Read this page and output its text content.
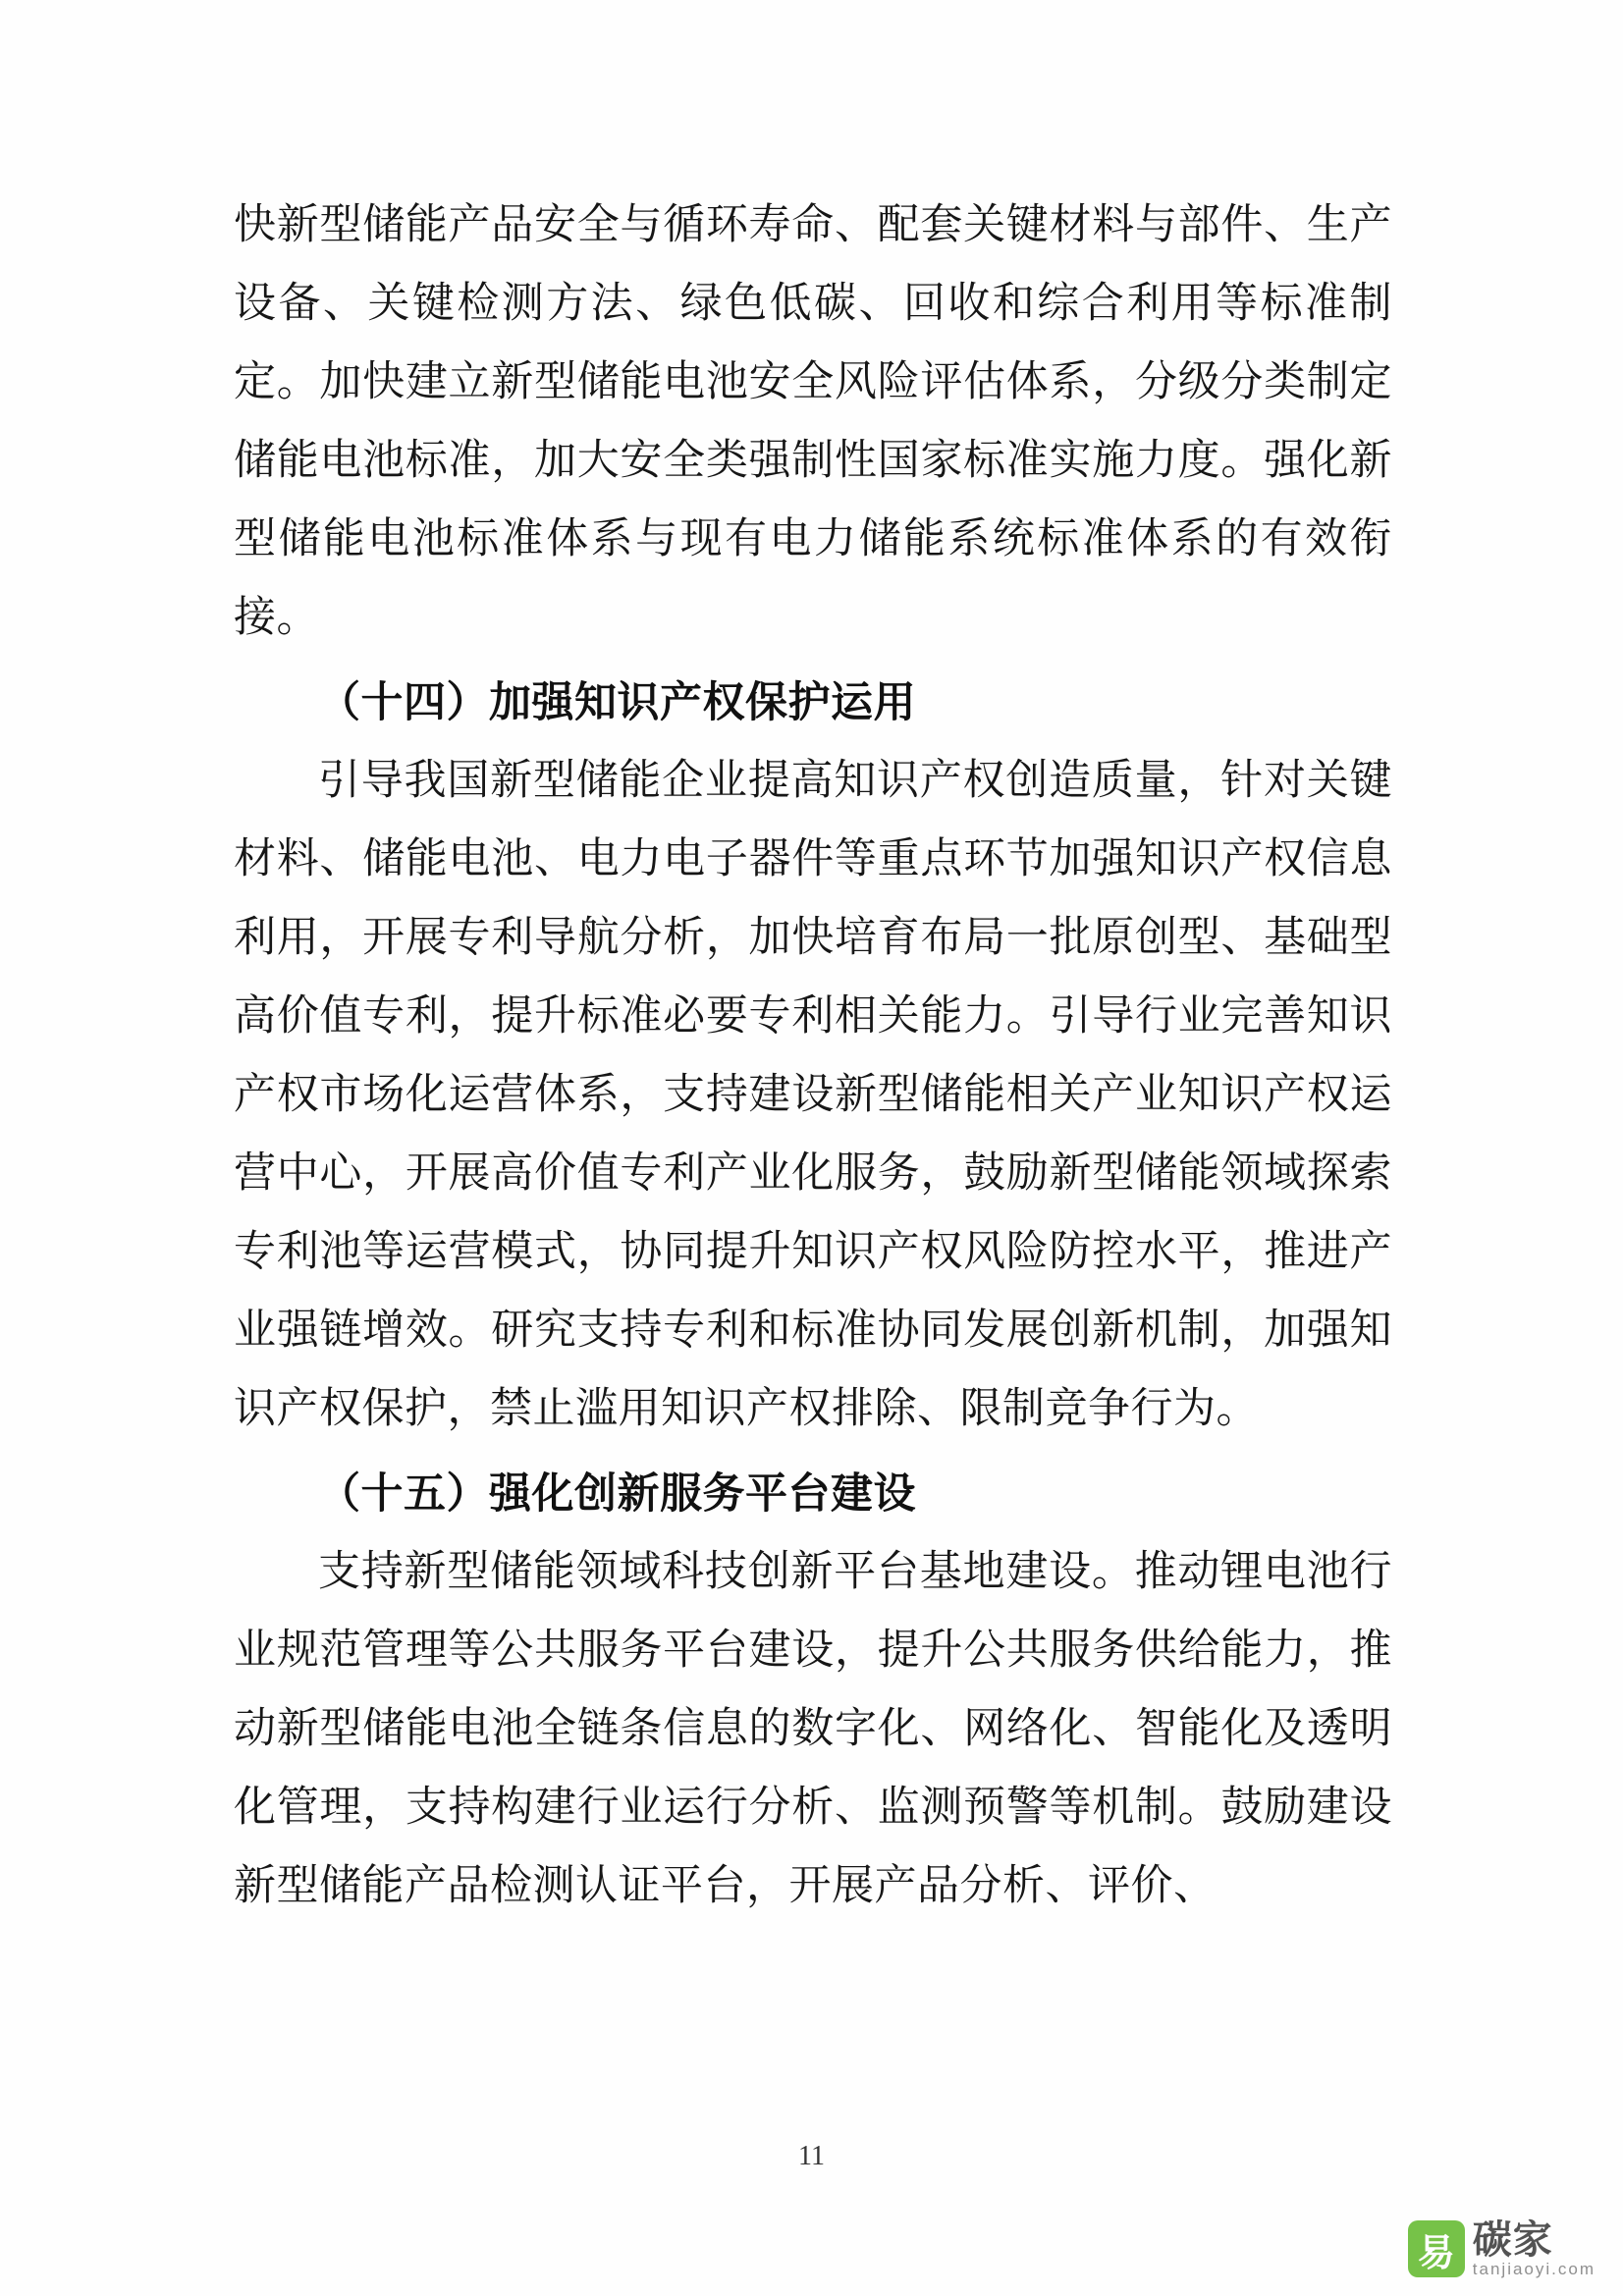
快新型储能产品安全与循环寿命、配套关键材料与部件、生产设备、关键检测方法、绿色低碳、回收和综合利用等标准制定。加快建立新型储能电池安全风险评估体系，分级分类制定储能电池标准，加大安全类强制性国家标准实施力度。强化新型储能电池标准体系与现有电力储能系统标准体系的有效衔接。

（十四）加强知识产权保护运用

引导我国新型储能企业提高知识产权创造质量，针对关键材料、储能电池、电力电子器件等重点环节加强知识产权信息利用，开展专利导航分析，加快培育布局一批原创型、基础型高价值专利，提升标准必要专利相关能力。引导行业完善知识产权市场化运营体系，支持建设新型储能相关产业知识产权运营中心，开展高价值专利产业化服务，鼓励新型储能领域探索专利池等运营模式，协同提升知识产权风险防控水平，推进产业强链增效。研究支持专利和标准协同发展创新机制，加强知识产权保护，禁止滥用知识产权排除、限制竞争行为。

（十五）强化创新服务平台建设

支持新型储能领域科技创新平台基地建设。推动锂电池行业规范管理等公共服务平台建设，提升公共服务供给能力，推动新型储能电池全链条信息的数字化、网络化、智能化及透明化管理，支持构建行业运行分析、监测预警等机制。鼓励建设新型储能产品检测认证平台，开展产品分析、评价、

11
易 碳家
tanjiaoyi.com
